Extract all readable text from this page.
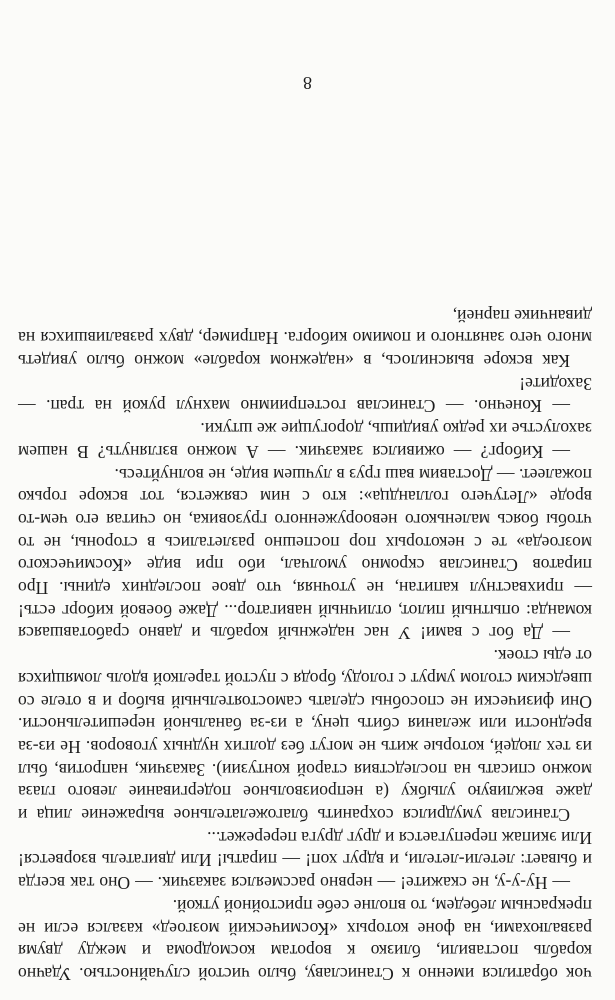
чок обратился именно к Станиславу, было чистой случайностью. Удачно корабль поставили, близко к воротам космодрома и между двумя развалюхами, на фоне которых «Космический мозгоед» казался если не прекрасным лебедем, то вполне себе пристойной уткой.

— Ну-у-у, не скажите! — нервно рассмеялся заказчик. — Оно так всегда и бывает: летели-летели, и вдруг хоп! — пираты! Или двигатель взорвется! Или экипаж перепугается и друг друга перережет...

Станислав умудрился сохранить благожелательное выражение лица и даже вежливую улыбку (а непроизвольное подергивание левого глаза можно списать на последствия старой контузии). Заказчик, напротив, был из тех людей, которые жить не могут без долгих нудных уговоров. Не из-за вредности или желания сбить цену, а из-за банальной нерешительности. Они физически не способны сделать самостоятельный выбор и в отеле со шведским столом умрут с голоду, бродя с пустой тарелкой вдоль ломящихся от еды стоек.

— Да бог с вами! У нас надежный корабль и давно сработавшаяся команда: опытный пилот, отличный навигатор... Даже боевой киборг есть! — прихвастнул капитан, не уточняя, что двое последних едины. Про пиратов Станислав скромно умолчал, ибо при виде «Космического мозгоеда» те с некоторых пор поспешно разлетались в стороны, не то чтобы боясь маленького невооруженного грузовика, но считая его чем-то вроде «Летучего голландца»: кто с ним свяжется, тот вскоре горько пожалеет. — Доставим ваш груз в лучшем виде, не волнуйтесь.

— Киборг? — оживился заказчик. — А можно взглянуть? В нашем захолустье их редко увидишь, дорогущие же штуки.

— Конечно. — Станислав гостеприимно махнул рукой на трап. — Заходите!

Как вскоре выяснилось, в «надежном корабле» можно было увидеть много чего занятного и помимо киборга. Например, двух развалившихся на диванчике парней,

8
